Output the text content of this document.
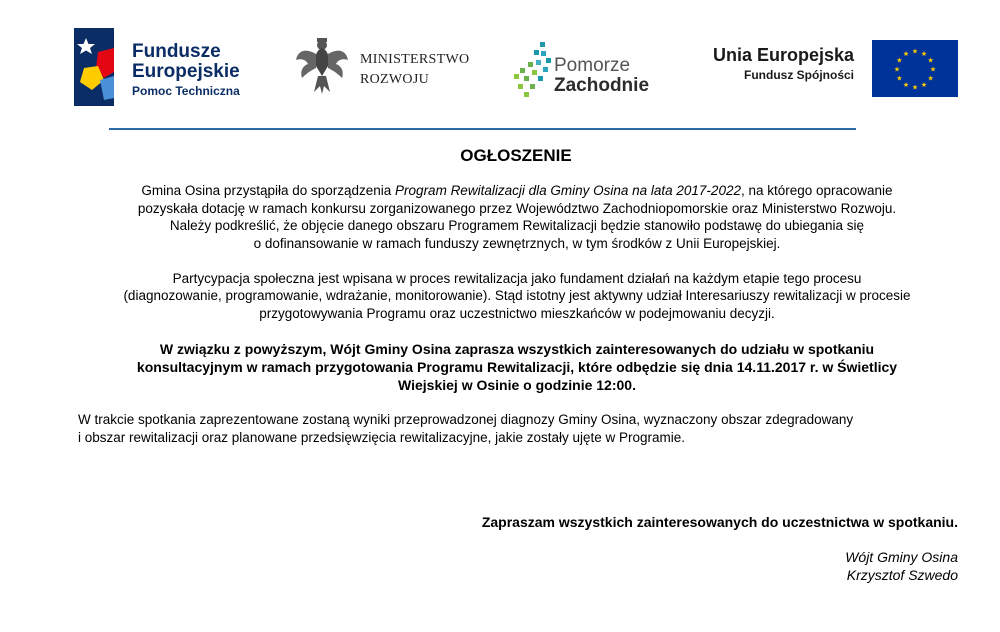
Fundusze
Europejskie
Pomoc Techniczna
MINISTERSTWO
ROZWOJU
Pomorze
Zachodnie
Unia Europejska
Fundusz Spójności
★ ★
★
★
★
★
★
★
★
★
★
★
OGŁOSZENIE

Gmina Osina przystąpiła do sporządzenia Program Rewitalizacji dla Gminy Osina na lata 2017-2022, na którego opracowanie

pozyskała dotację w ramach konkursu zorganizowanego przez Województwo Zachodniopomorskie oraz Ministerstwo Rozwoju.

Należy podkreślić, że objęcie danego obszaru Programem Rewitalizacji będzie stanowiło podstawę do ubiegania się

o dofinansowanie w ramach funduszy zewnętrznych, w tym środków z Unii Europejskiej.

Partycypacja społeczna jest wpisana w proces rewitalizacja jako fundament działań na każdym etapie tego procesu

(diagnozowanie, programowanie, wdrażanie, monitorowanie). Stąd istotny jest aktywny udział Interesariuszy rewitalizacji w procesie

przygotowywania Programu oraz uczestnictwo mieszkańców w podejmowaniu decyzji.

W związku z powyższym, Wójt Gminy Osina zaprasza wszystkich zainteresowanych do udziału w spotkaniu

konsultacyjnym w ramach przygotowania Programu Rewitalizacji, które odbędzie się dnia 14.11.2017 r. w Świetlicy

Wiejskiej w Osinie o godzinie 12:00.

W trakcie spotkania zaprezentowane zostaną wyniki przeprowadzonej diagnozy Gminy Osina, wyznaczony obszar zdegradowany

i obszar rewitalizacji oraz planowane przedsięwzięcia rewitalizacyjne, jakie zostały ujęte w Programie.

Zapraszam wszystkich zainteresowanych do uczestnictwa w spotkaniu.
Wójt Gminy Osina
Krzysztof Szwedo
